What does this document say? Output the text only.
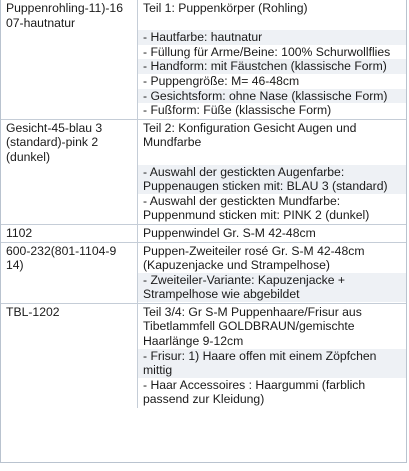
Puppenrohling-11)-16
07-hautnatur
Teil 1: Puppenkörper (Rohling)
- Hautfarbe: hautnatur
- Füllung für Arme/Beine: 100% Schurwollflies
- Handform: mit Fäustchen (klassische Form)
- Puppengröße: M= 46-48cm
- Gesichtsform: ohne Nase (klassische Form)
- Fußform: Füße (klassische Form)
Gesicht-45-blau 3
(standard)-pink 2
(dunkel)
Teil 2: Konfiguration Gesicht Augen und
Mundfarbe
- Auswahl der gestickten Augenfarbe:
Puppenaugen sticken mit: BLAU 3 (standard)
- Auswahl der gestickten Mundfarbe:
Puppenmund sticken mit: PINK 2 (dunkel)
1102	Puppenwindel Gr. S-M 42-48cm
600-232(801-1104-9
14)
Puppen-Zweiteiler rosé Gr. S-M 42-48cm
(Kapuzenjacke und Strampelhose)
- Zweiteiler-Variante: Kapuzenjacke +
Strampelhose wie abgebildet
TBL-1202	Teil 3/4: Gr S-M Puppenhaare/Frisur aus
Tibetlammfell GOLDBRAUN/gemischte
Haarlänge 9-12cm
- Frisur: 1) Haare offen mit einem Zöpfchen
mittig
- Haar Accessoires : Haargummi (farblich
passend zur Kleidung)
